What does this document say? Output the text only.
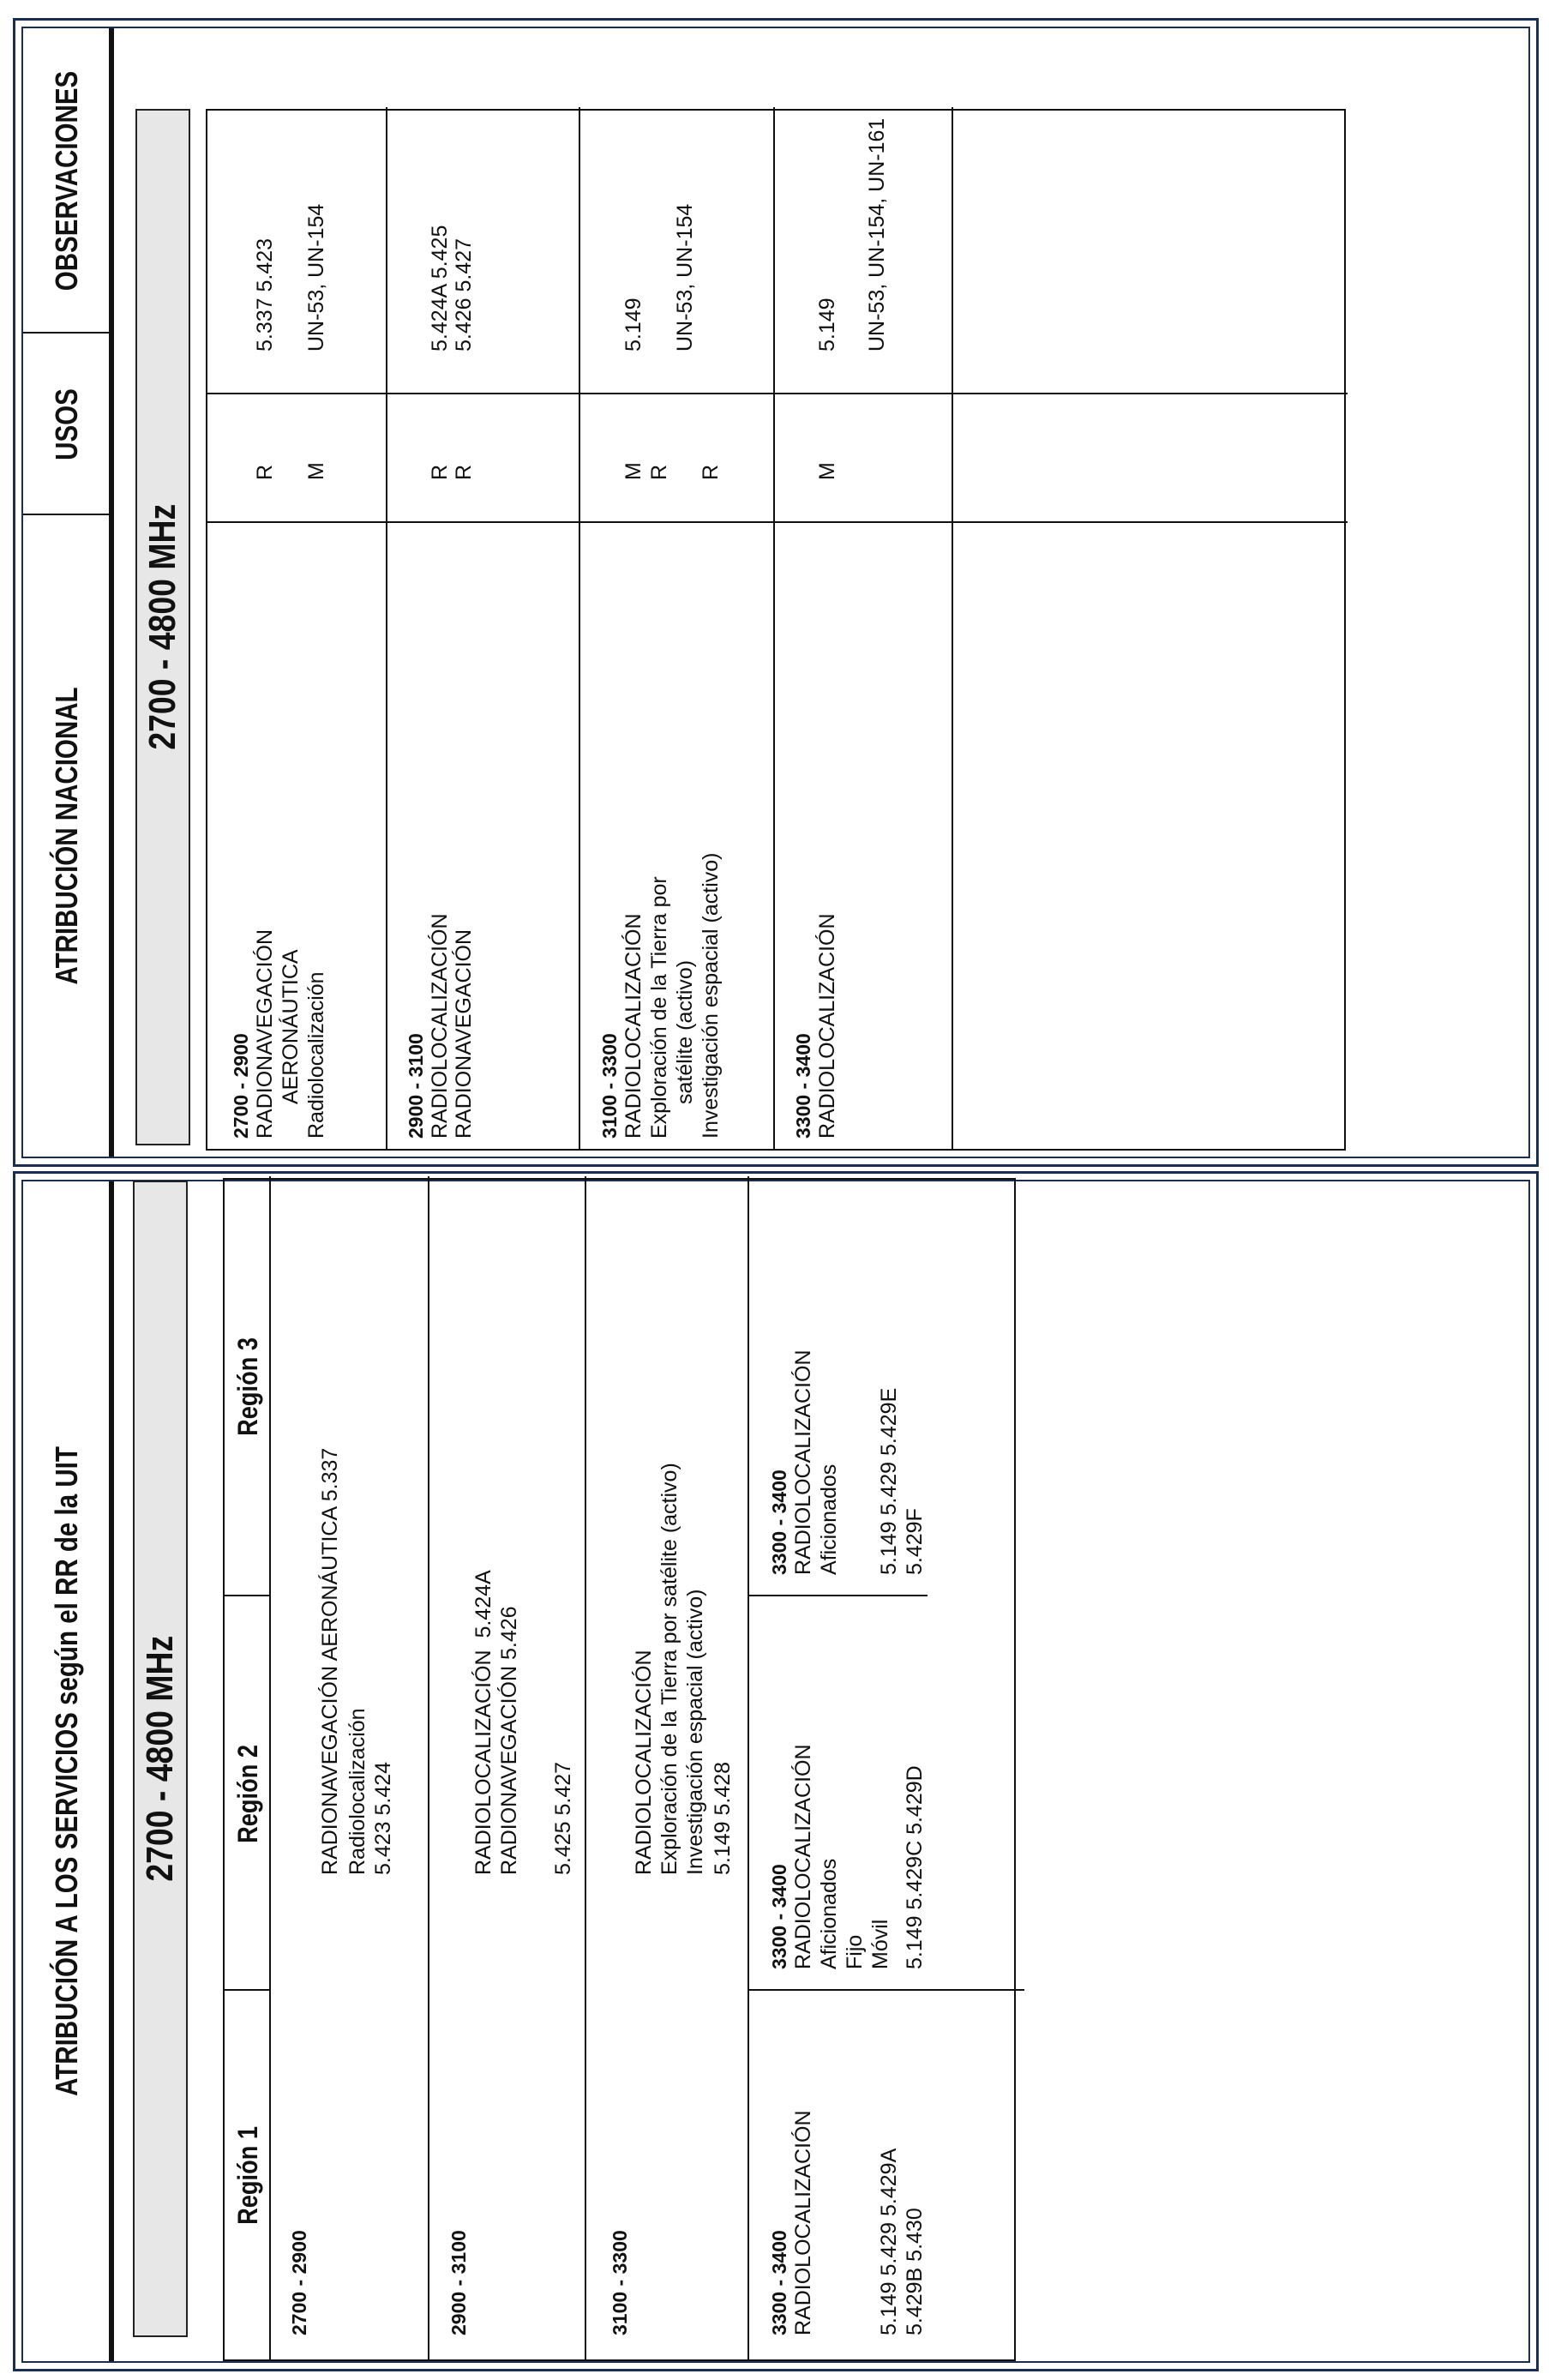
ATRIBUCIÓN A LOS SERVICIOS según el RR de la UIT 2700 - 4800 MHz
Región 1
Región 2
Región 3
2700 - 2900
RADIONAVEGACIÓN AERONÁUTICA 5.337 Radiolocalización 5.423 5.424
2900 - 3100
RADIOLOCALIZACIÓN  5.424A RADIONAVEGACIÓN 5.426 5.425 5.427
3100 - 3300
RADIOLOCALIZACIÓN Exploración de la Tierra por satélite (activo) Investigación espacial (activo) 5.149 5.428
3300 - 3400 RADIOLOCALIZACIÓN	5.149 5.429 5.429A 5.429B 5.430
3300 - 3400 RADIOLOCALIZACIÓN Aficionados Fijo Móvil 5.149 5.429C 5.429D
3300 - 3400 RADIOLOCALIZACIÓN Aficionados 5.149 5.429 5.429E 5.429F
ATRIBUCIÓN NACIONAL
USOS
OBSERVACIONES
2700 - 4800 MHz
2700 - 2900 RADIONAVEGACIÓN AERONÁUTICA Radiolocalización
R M
5.337 5.423 UN-53, UN-154
2900 - 3100 RADIOLOCALIZACIÓN RADIONAVEGACIÓN
R R
5.424A 5.425 5.426 5.427
3100 - 3300 RADIOLOCALIZACIÓN Exploración de la Tierra por satélite (activo) Investigación espacial (activo)
M R R
5.149 UN-53, UN-154
3300 - 3400 RADIOLOCALIZACIÓN
M
5.149 UN-53, UN-154, UN-161
